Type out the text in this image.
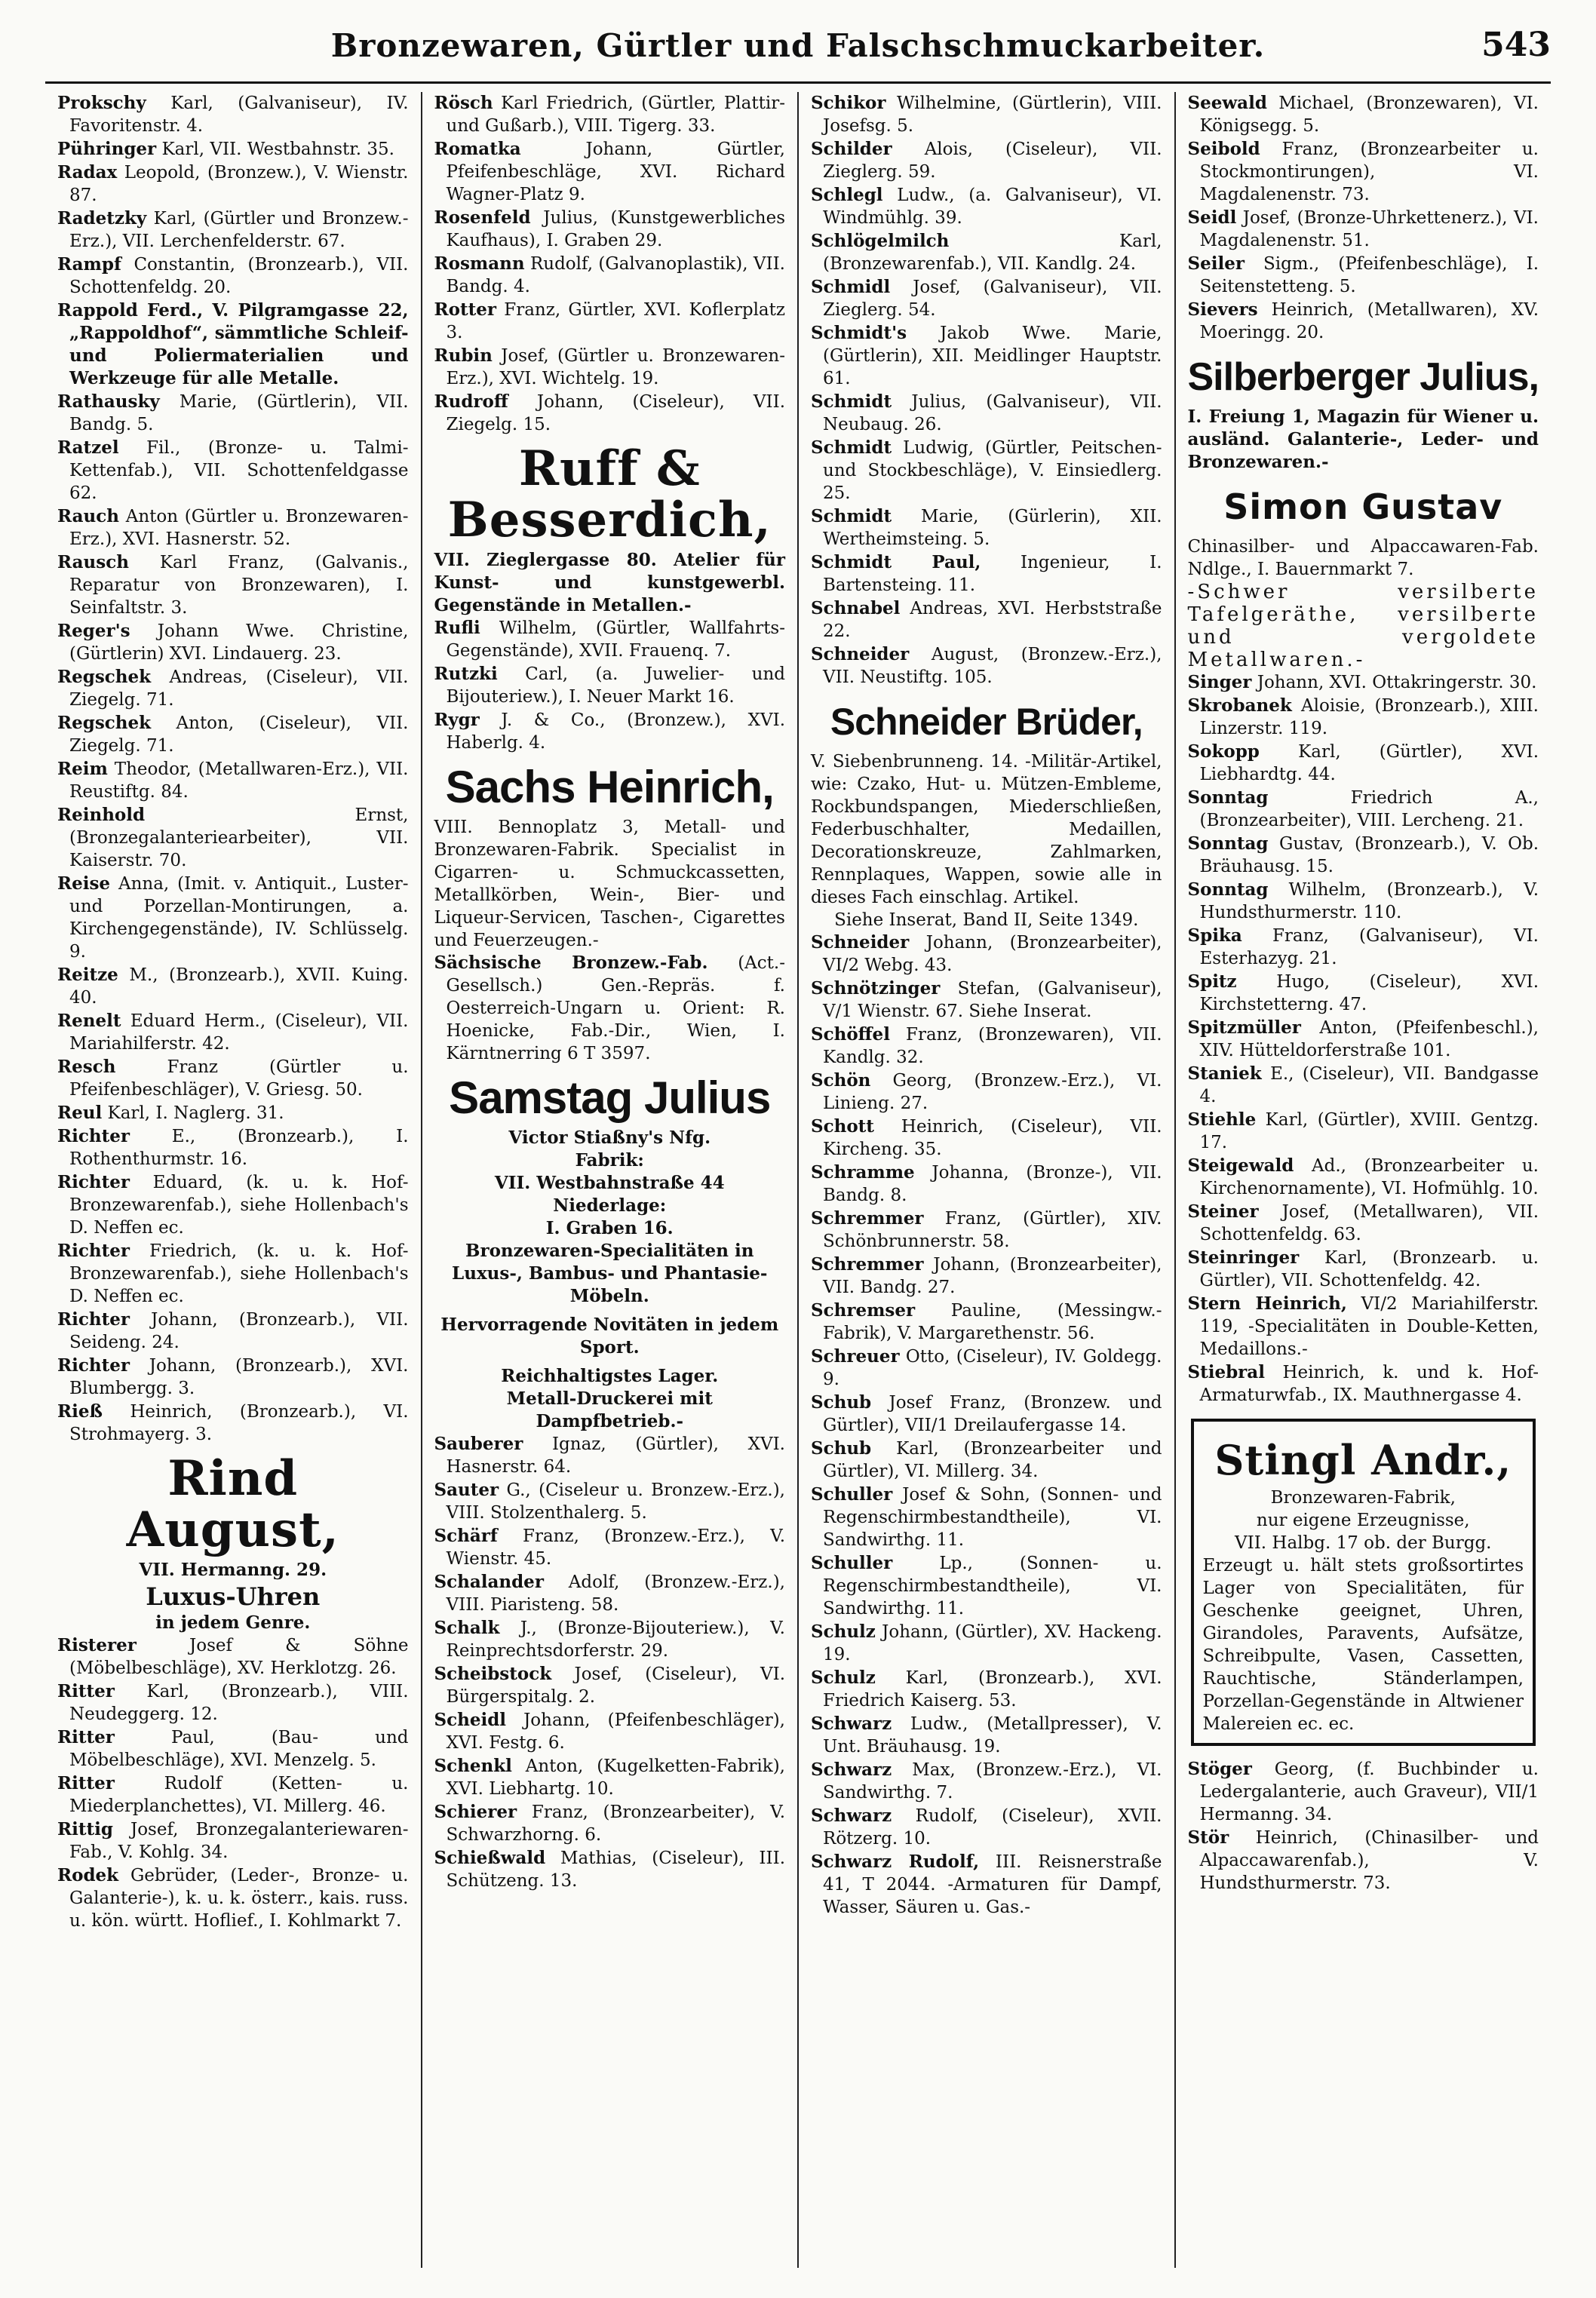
Bronzewaren, Gürtler und Falschschmuckarbeiter.	543
Prokschy Karl, (Galvaniseur), IV. Favoritenstr. 4.
Pühringer Karl, VII. Westbahnstr. 35.
Radax Leopold, (Bronzew.), V. Wienstr. 87.
Radetzky Karl, (Gürtler und Bronzew.-Erz.), VII. Lerchenfelderstr. 67.
Rampf Constantin, (Bronzearb.), VII. Schottenfeldg. 20.
Rappold Ferd., V. Pilgramgasse 22, „Rappoldhof“, sämmtliche Schleif- und Poliermaterialien und Werkzeuge für alle Metalle.
Rathausky Marie, (Gürtlerin), VII. Bandg. 5.
Ratzel Fil., (Bronze- u. Talmi-Kettenfab.), VII. Schottenfeldgasse 62.
Rauch Anton (Gürtler u. Bronzewaren-Erz.), XVI. Hasnerstr. 52.
Rausch Karl Franz, (Galvanis., Reparatur von Bronzewaren), I. Seinfaltstr. 3.
Reger's Johann Wwe. Christine, (Gürtlerin) XVI. Lindauerg. 23.
Regschek Andreas, (Ciseleur), VII. Ziegelg. 71.
Regschek Anton, (Ciseleur), VII. Ziegelg. 71.
Reim Theodor, (Metallwaren-Erz.), VII. Reustiftg. 84.
Reinhold	Ernst, (Bronzegalanteriearbeiter), VII. Kaiserstr. 70.
Reise Anna, (Imit. v. Antiquit., Luster- und Porzellan-Montirungen, a. Kirchengegenstände), IV. Schlüsselg. 9.
Reitze M., (Bronzearb.), XVII. Kuing. 40.
Renelt Eduard Herm., (Ciseleur), VII. Mariahilferstr. 42.
Resch	Franz (Gürtler u. Pfeifenbeschläger), V. Griesg. 50.
Reul Karl, I. Naglerg. 31.
Richter E., (Bronzearb.), I. Rothenthurmstr. 16.
Richter Eduard, (k. u. k. Hof-Bronzewarenfab.), siehe Hollenbach's D. Neffen ec.
Richter Friedrich, (k. u. k. Hof-Bronzewarenfab.), siehe Hollenbach's D. Neffen ec.
Richter Johann, (Bronzearb.), VII. Seideng. 24.
Richter Johann, (Bronzearb.), XVI. Blumbergg. 3.
Rieß Heinrich, (Bronzearb.), VI. Strohmayerg. 3.
Rind August,
VII. Hermanng. 29.
Luxus-Uhren
in jedem Genre.
Risterer	Josef & Söhne (Möbelbeschläge), XV. Herklotzg. 26.
Ritter Karl, (Bronzearb.), VIII. Neudeggerg. 12.
Ritter	Paul, (Bau- und Möbelbeschläge), XVI. Menzelg. 5.
Ritter	Rudolf (Ketten- u. Miederplanchettes), VI. Millerg. 46.
Rittig Josef, Bronzegalanteriewaren-Fab., V. Kohlg. 34.
Rodek Gebrüder, (Leder-, Bronze- u. Galanterie-), k. u. k. österr., kais. russ. u. kön. württ. Hoflief., I. Kohlmarkt 7.
Rösch Karl Friedrich, (Gürtler, Plattir- und Gußarb.), VIII. Tigerg. 33.
Romatka	Johann, Gürtler, Pfeifenbeschläge, XVI. Richard Wagner-Platz 9.
Rosenfeld Julius, (Kunstgewerbliches Kaufhaus), I. Graben 29.
Rosmann Rudolf, (Galvanoplastik), VII. Bandg. 4.
Rotter Franz, Gürtler, XVI. Koflerplatz 3.
Rubin Josef, (Gürtler u. Bronzewaren-Erz.), XVI. Wichtelg. 19.
Rudroff Johann, (Ciseleur), VII. Ziegelg. 15.
Ruff & Besserdich,
VII. Zieglergasse 80. Atelier für Kunst- und kunstgewerbl. Gegenstände in Metallen.-
Rufli Wilhelm, (Gürtler, Wallfahrts-Gegenstände), XVII. Frauenq. 7.
Rutzki Carl, (a. Juwelier- und Bijouteriew.), I. Neuer Markt 16.
Rygr J. & Co., (Bronzew.), XVI. Haberlg. 4.
Sachs Heinrich,
VIII. Bennoplatz 3, Metall- und Bronzewaren-Fabrik. Specialist in Cigarren- u. Schmuckcassetten, Metallkörben, Wein-, Bier- und Liqueur-Servicen, Taschen-, Cigarettes und Feuerzeugen.-
Sächsische Bronzew.-Fab. (Act.-Gesellsch.) Gen.-Repräs. f. Oesterreich-Ungarn u. Orient: R. Hoenicke, Fab.-Dir., Wien, I. Kärntnerring 6 T 3597.
Samstag Julius
Victor Stiaßny's Nfg.
Fabrik:
VII. Westbahnstraße 44
Niederlage:
I. Graben 16.
Bronzewaren-Specialitäten in Luxus-, Bambus- und Phantasie-Möbeln.
Hervorragende Novitäten in jedem Sport.
Reichhaltigstes Lager.
Metall-Druckerei mit Dampfbetrieb.-
Sauberer Ignaz, (Gürtler), XVI. Hasnerstr. 64.
Sauter G., (Ciseleur u. Bronzew.-Erz.), VIII. Stolzenthalerg. 5.
Schärf Franz, (Bronzew.-Erz.), V. Wienstr. 45.
Schalander Adolf, (Bronzew.-Erz.), VIII. Piaristeng. 58.
Schalk J., (Bronze-Bijouteriew.), V. Reinprechtsdorferstr. 29.
Scheibstock Josef, (Ciseleur), VI. Bürgerspitalg. 2.
Scheidl Johann, (Pfeifenbeschläger), XVI. Festg. 6.
Schenkl Anton, (Kugelketten-Fabrik), XVI. Liebhartg. 10.
Schierer Franz, (Bronzearbeiter), V. Schwarzhorng. 6.
Schießwald Mathias, (Ciseleur), III. Schützeng. 13.
Schikor Wilhelmine, (Gürtlerin), VIII. Josefsg. 5.
Schilder Alois, (Ciseleur), VII. Zieglerg. 59.
Schlegl Ludw., (a. Galvaniseur), VI. Windmühlg. 39.
Schlögelmilch	Karl, (Bronzewarenfab.), VII. Kandlg. 24.
Schmidl Josef, (Galvaniseur), VII. Zieglerg. 54.
Schmidt's Jakob Wwe. Marie, (Gürtlerin), XII. Meidlinger Hauptstr. 61.
Schmidt Julius, (Galvaniseur), VII. Neubaug. 26.
Schmidt Ludwig, (Gürtler, Peitschen- und Stockbeschläge), V. Einsiedlerg. 25.
Schmidt Marie, (Gürlerin), XII. Wertheimsteing. 5.
Schmidt Paul, Ingenieur, I. Bartensteing. 11.
Schnabel Andreas, XVI. Herbststraße 22.
Schneider August, (Bronzew.-Erz.), VII. Neustiftg. 105.
Schneider Brüder,
V. Siebenbrunneng. 14. -Militär-Artikel, wie: Czako, Hut- u. Mützen-Embleme, Rockbundspangen, Miederschließen, Federbuschhalter, Medaillen, Decorationskreuze, Zahlmarken, Rennplaques, Wappen, sowie alle in dieses Fach einschlag. Artikel.
Siehe Inserat, Band II, Seite 1349.
Schneider Johann, (Bronzearbeiter), VI/2 Webg. 43.
Schnötzinger Stefan, (Galvaniseur), V/1 Wienstr. 67. Siehe Inserat.
Schöffel Franz, (Bronzewaren), VII. Kandlg. 32.
Schön Georg, (Bronzew.-Erz.), VI. Linieng. 27.
Schott Heinrich, (Ciseleur), VII. Kircheng. 35.
Schramme Johanna, (Bronze-), VII. Bandg. 8.
Schremmer Franz, (Gürtler), XIV. Schönbrunnerstr. 58.
Schremmer Johann, (Bronzearbeiter), VII. Bandg. 27.
Schremser Pauline, (Messingw.-Fabrik), V. Margarethenstr. 56.
Schreuer Otto, (Ciseleur), IV. Goldegg. 9.
Schub Josef Franz, (Bronzew. und Gürtler), VII/1 Dreilaufergasse 14.
Schub Karl, (Bronzearbeiter und Gürtler), VI. Millerg. 34.
Schuller Josef & Sohn, (Sonnen- und Regenschirmbestandtheile), VI. Sandwirthg. 11.
Schuller	Lp., (Sonnen- u. Regenschirmbestandtheile), VI. Sandwirthg. 11.
Schulz Johann, (Gürtler), XV. Hackeng. 19.
Schulz Karl, (Bronzearb.), XVI. Friedrich Kaiserg. 53.
Schwarz Ludw., (Metallpresser), V. Unt. Bräuhausg. 19.
Schwarz Max, (Bronzew.-Erz.), VI. Sandwirthg. 7.
Schwarz Rudolf, (Ciseleur), XVII. Rötzerg. 10.
Schwarz Rudolf, III. Reisnerstraße 41, T 2044. -Armaturen für Dampf, Wasser, Säuren u. Gas.-
Seewald Michael, (Bronzewaren), VI. Königsegg. 5.
Seibold Franz, (Bronzearbeiter u. Stockmontirungen), VI. Magdalenenstr. 73.
Seidl Josef, (Bronze-Uhrkettenerz.), VI. Magdalenenstr. 51.
Seiler Sigm., (Pfeifenbeschläge), I. Seitenstetteng. 5.
Sievers Heinrich, (Metallwaren), XV. Moeringg. 20.
Silberberger Julius,
I. Freiung 1, Magazin für Wiener u. ausländ. Galanterie-, Leder- und Bronzewaren.-
Simon Gustav
Chinasilber- und Alpaccawaren-Fab. Ndlge., I. Bauernmarkt 7.
-Schwer versilberte Tafelgeräthe, versilberte und vergoldete Metallwaren.-
Singer Johann, XVI. Ottakringerstr. 30.
Skrobanek Aloisie, (Bronzearb.), XIII. Linzerstr. 119.
Sokopp Karl, (Gürtler), XVI. Liebhardtg. 44.
Sonntag	Friedrich A., (Bronzearbeiter), VIII. Lercheng. 21.
Sonntag Gustav, (Bronzearb.), V. Ob. Bräuhausg. 15.
Sonntag Wilhelm, (Bronzearb.), V. Hundsthurmerstr. 110.
Spika Franz, (Galvaniseur), VI. Esterhazyg. 21.
Spitz Hugo, (Ciseleur), XVI. Kirchstetterng. 47.
Spitzmüller Anton, (Pfeifenbeschl.), XIV. Hütteldorferstraße 101.
Staniek E., (Ciseleur), VII. Bandgasse 4.
Stiehle Karl, (Gürtler), XVIII. Gentzg. 17.
Steigewald Ad., (Bronzearbeiter u. Kirchenornamente), VI. Hofmühlg. 10.
Steiner Josef, (Metallwaren), VII. Schottenfeldg. 63.
Steinringer Karl, (Bronzearb. u. Gürtler), VII. Schottenfeldg. 42.
Stern Heinrich, VI/2 Mariahilferstr. 119, -Specialitäten in Double-Ketten, Medaillons.-
Stiebral Heinrich, k. und k. Hof-Armaturwfab., IX. Mauthnergasse 4.
Stingl Andr.,
Bronzewaren-Fabrik,
nur eigene Erzeugnisse,
VII. Halbg. 17 ob. der Burgg.
Erzeugt u. hält stets großsortirtes Lager von Specialitäten, für Geschenke geeignet, Uhren, Girandoles, Paravents, Aufsätze, Schreibpulte, Vasen, Cassetten, Rauchtische, Ständerlampen, Porzellan-Gegenstände in Altwiener Malereien ec. ec.
Stöger Georg, (f. Buchbinder u. Ledergalanterie, auch Graveur), VII/1 Hermanng. 34.
Stör Heinrich, (Chinasilber- und Alpaccawarenfab.), V. Hundsthurmerstr. 73.
